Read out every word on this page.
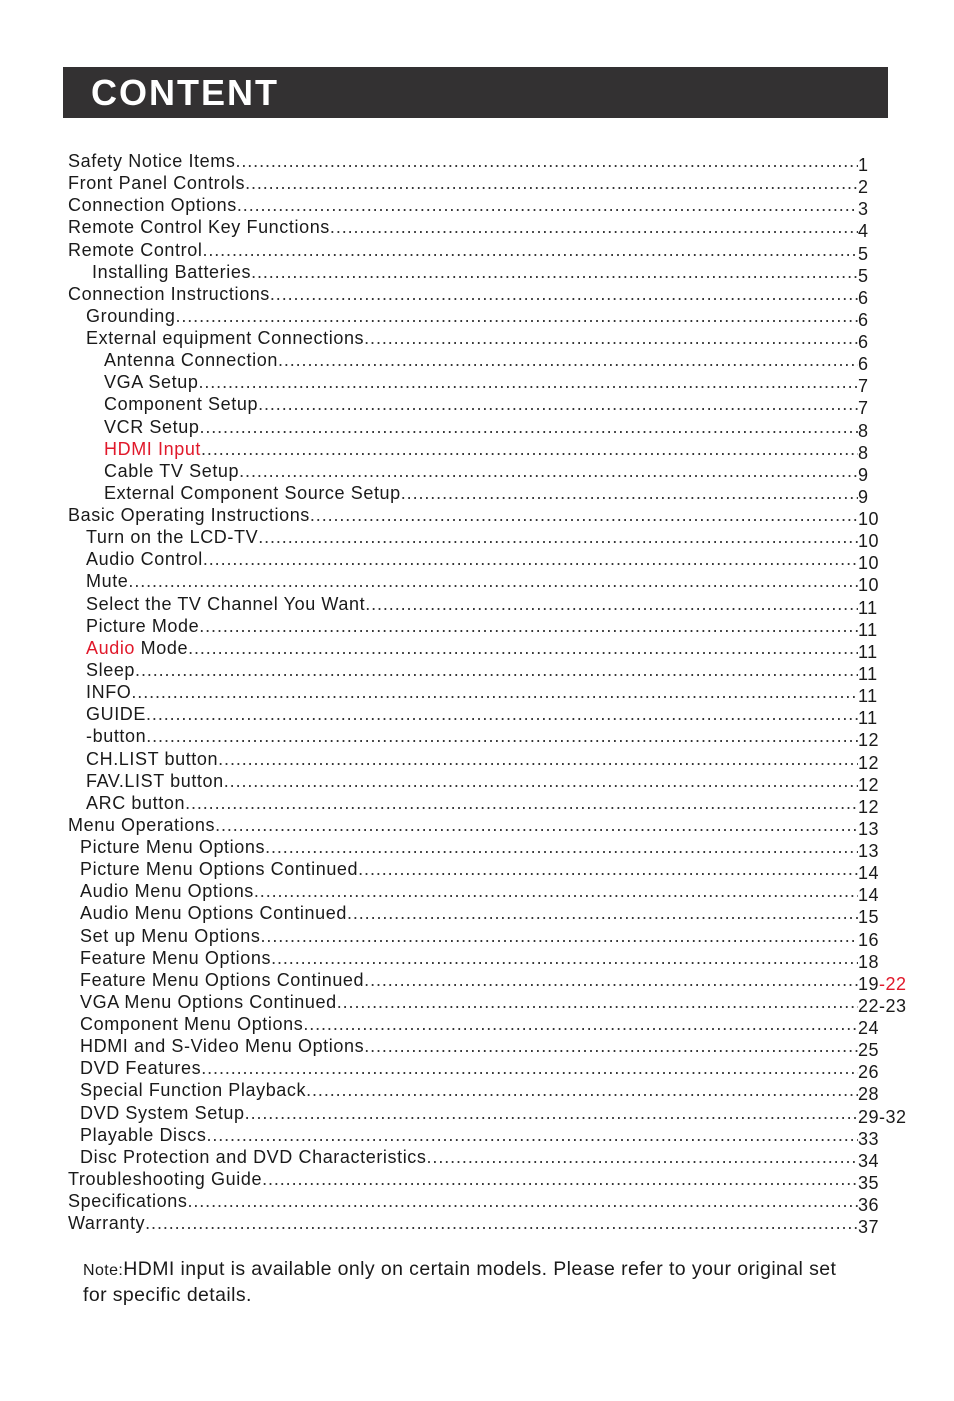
CONTENT
Safety Notice Items .....	1
Front Panel Controls .....	2
Connection Options .....	3
Remote Control Key Functions .....	4
Remote Control .....	5
Installing Batteries .....	5
Connection Instructions .....	6
Grounding .....	6
External equipment Connections .....	6
Antenna Connection .....	6
VGA Setup .....	7
Component Setup .....	7
VCR Setup .....	8
HDMI Input .....	8
Cable TV Setup .....	9
External Component Source Setup .....	9
Basic Operating Instructions .....	10
Turn on the LCD-TV .....	10
Audio Control .....	10
Mute .....	10
Select the TV Channel You Want .....	11
Picture Mode .....	11
Audio Mode .....	11
Sleep .....	11
INFO .....	11
GUIDE .....	11
-button .....	12
CH.LIST button .....	12
FAV.LIST button .....	12
ARC button .....	12
Menu Operations .....	13
Picture Menu Options .....	13
Picture Menu Options Continued .....	14
Audio Menu Options .....	14
Audio Menu Options Continued .....	15
Set up Menu Options .....	16
Feature Menu Options .....	18
Feature Menu Options Continued .....	19-22
VGA Menu Options Continued .....	22-23
Component Menu Options .....	24
HDMI and S-Video Menu Options .....	25
DVD Features .....	26
Special Function Playback .....	28
DVD System Setup .....	29-32
Playable Discs .....	33
Disc Protection and DVD Characteristics .....	34
Troubleshooting Guide .....	35
Specifications .....	36
Warranty .....	37
Note:HDMI input is available only on certain models. Please refer to your original set for specific details.
